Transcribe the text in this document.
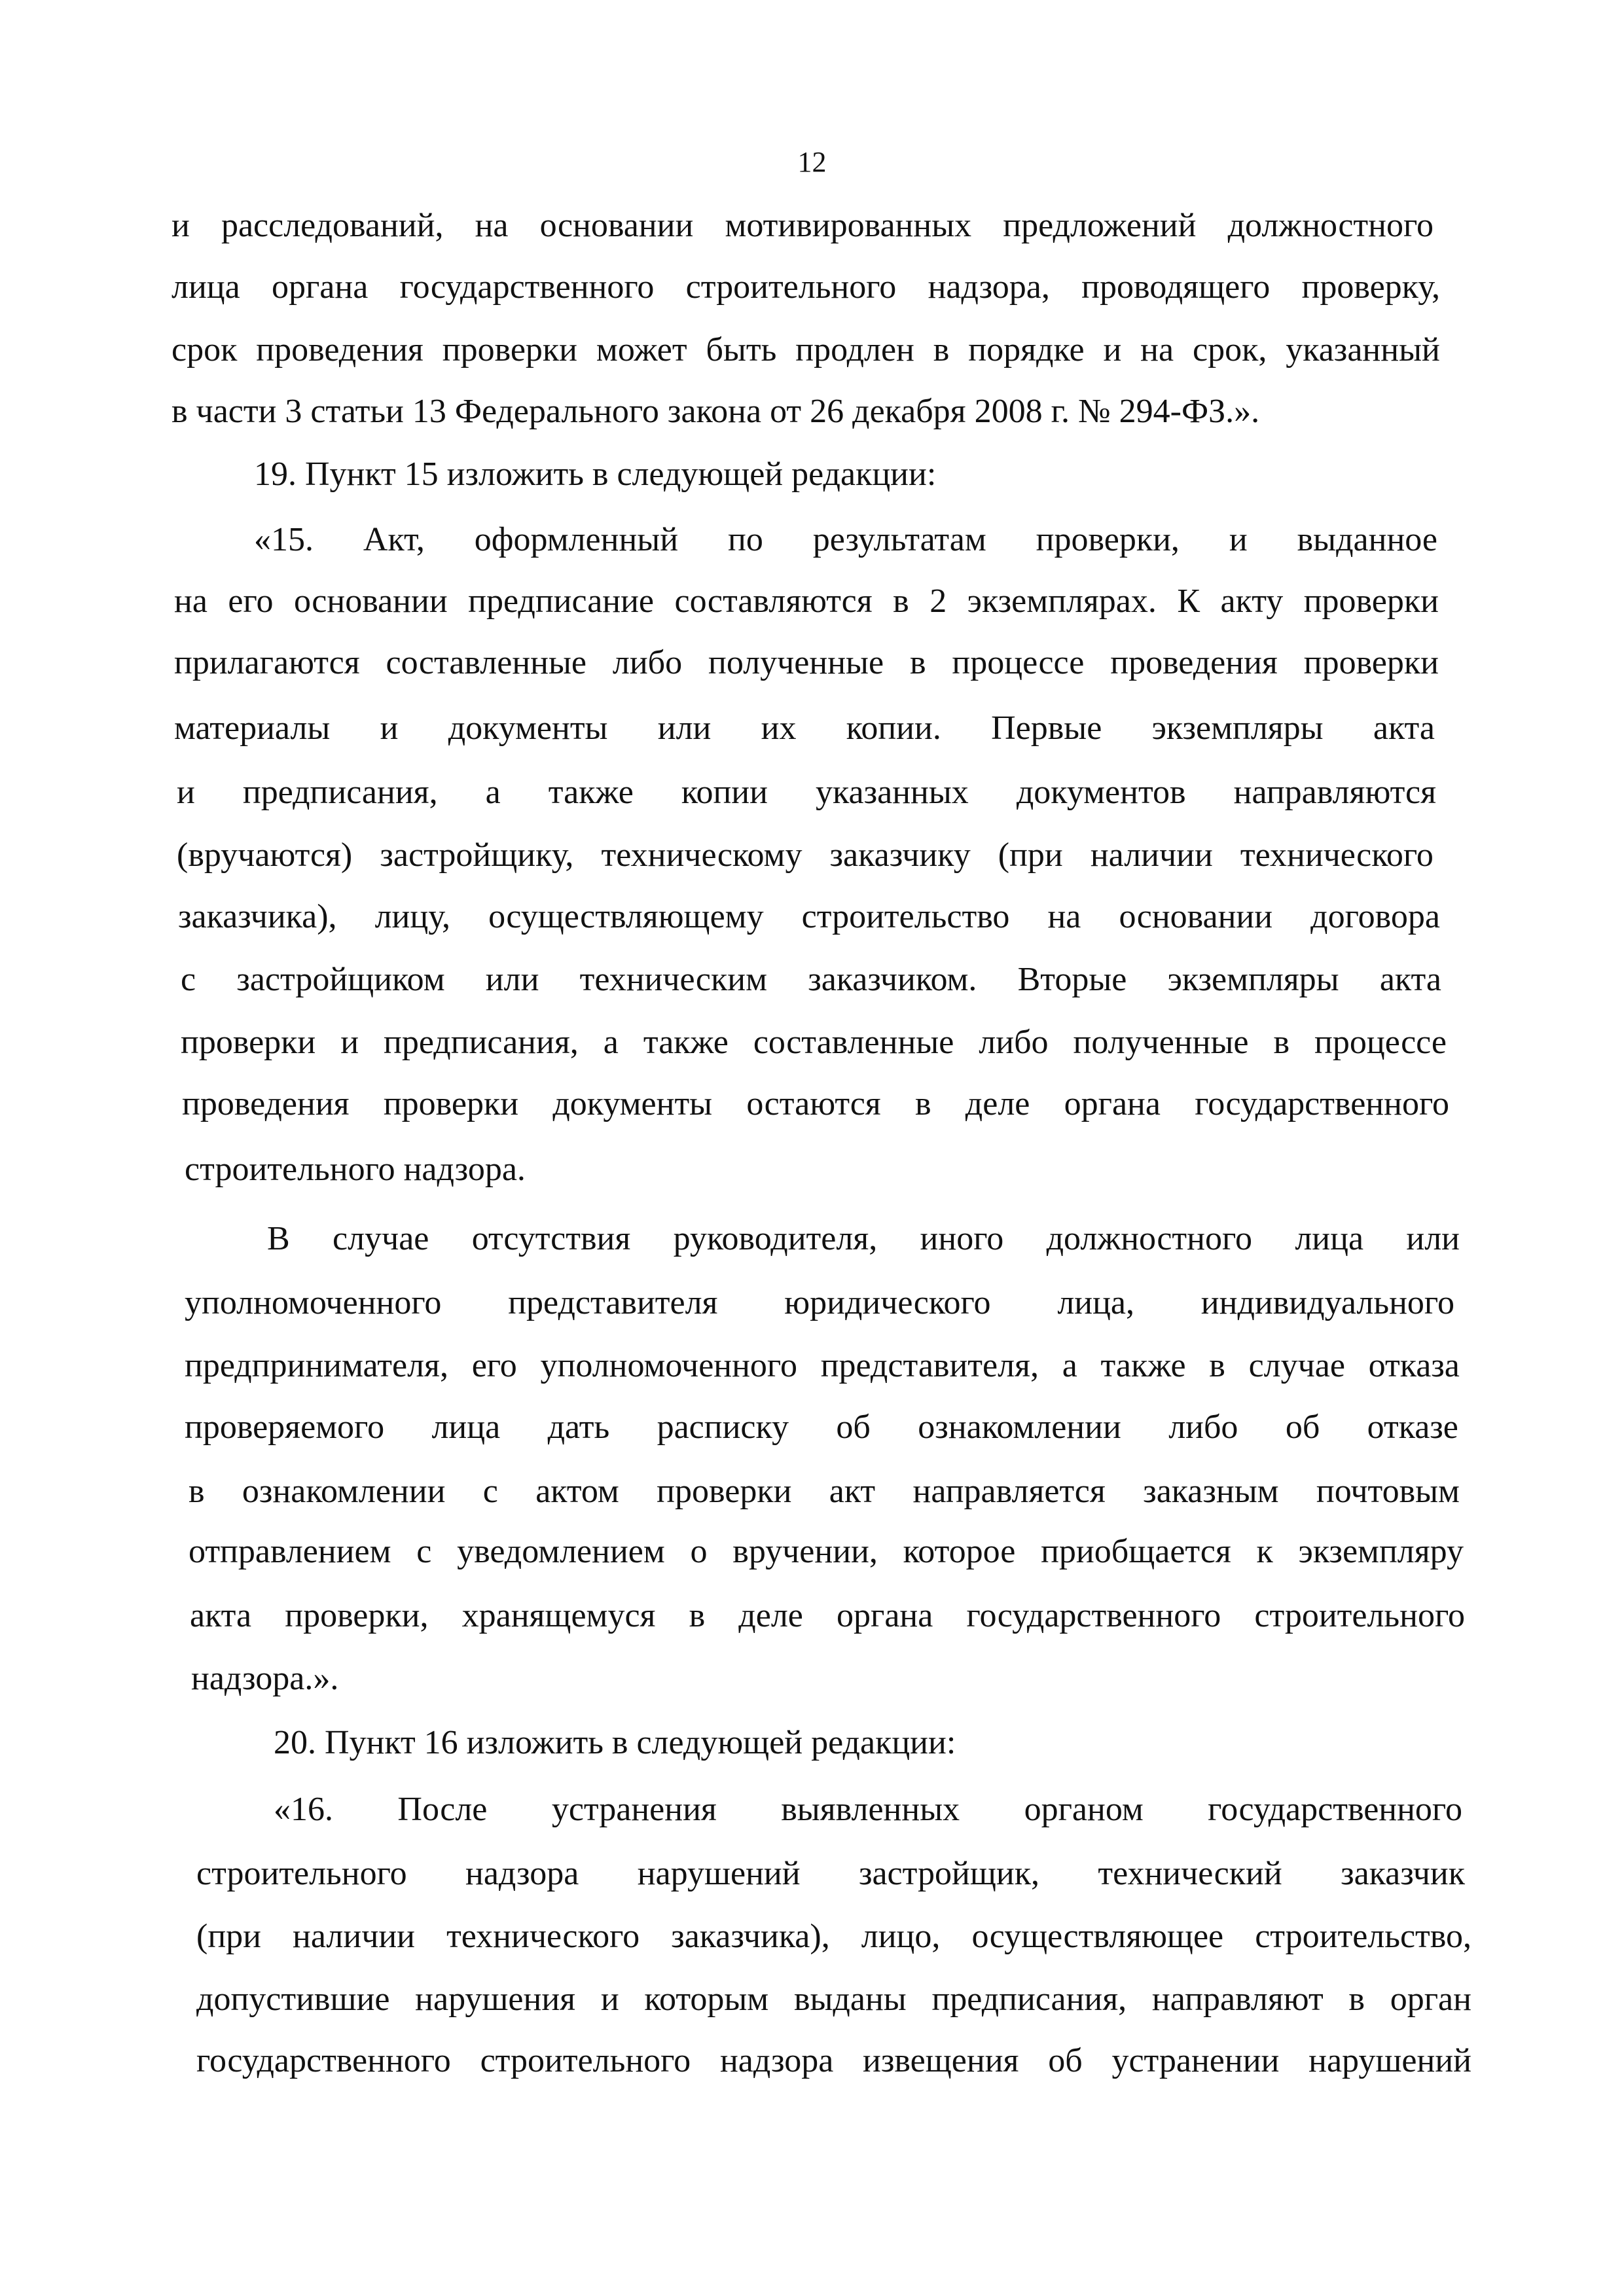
12
и расследований, на основании мотивированных предложений должностного
лица органа государственного строительного надзора, проводящего проверку,
срок проведения проверки может быть продлен в порядке и на срок, указанный
в части 3 статьи 13 Федерального закона от 26 декабря 2008 г. № 294-ФЗ.».
19. Пункт 15 изложить в следующей редакции:
«15. Акт, оформленный по результатам проверки, и выданное
на его основании предписание составляются в 2 экземплярах. К акту проверки
прилагаются составленные либо полученные в процессе проведения проверки
материалы и документы или их копии. Первые экземпляры акта
и предписания, а также копии указанных документов направляются
(вручаются) застройщику, техническому заказчику (при наличии технического
заказчика), лицу, осуществляющему строительство на основании договора
с застройщиком или техническим заказчиком. Вторые экземпляры акта
проверки и предписания, а также составленные либо полученные в процессе
проведения проверки документы остаются в деле органа государственного
строительного надзора.
В случае отсутствия руководителя, иного должностного лица или
уполномоченного представителя юридического лица, индивидуального
предпринимателя, его уполномоченного представителя, а также в случае отказа
проверяемого лица дать расписку об ознакомлении либо об отказе
в ознакомлении с актом проверки акт направляется заказным почтовым
отправлением с уведомлением о вручении, которое приобщается к экземпляру
акта проверки, хранящемуся в деле органа государственного строительного
надзора.».
20. Пункт 16 изложить в следующей редакции:
«16. После устранения выявленных органом государственного
строительного надзора нарушений застройщик, технический заказчик
(при наличии технического заказчика), лицо, осуществляющее строительство,
допустившие нарушения и которым выданы предписания, направляют в орган
государственного строительного надзора извещения об устранении нарушений
